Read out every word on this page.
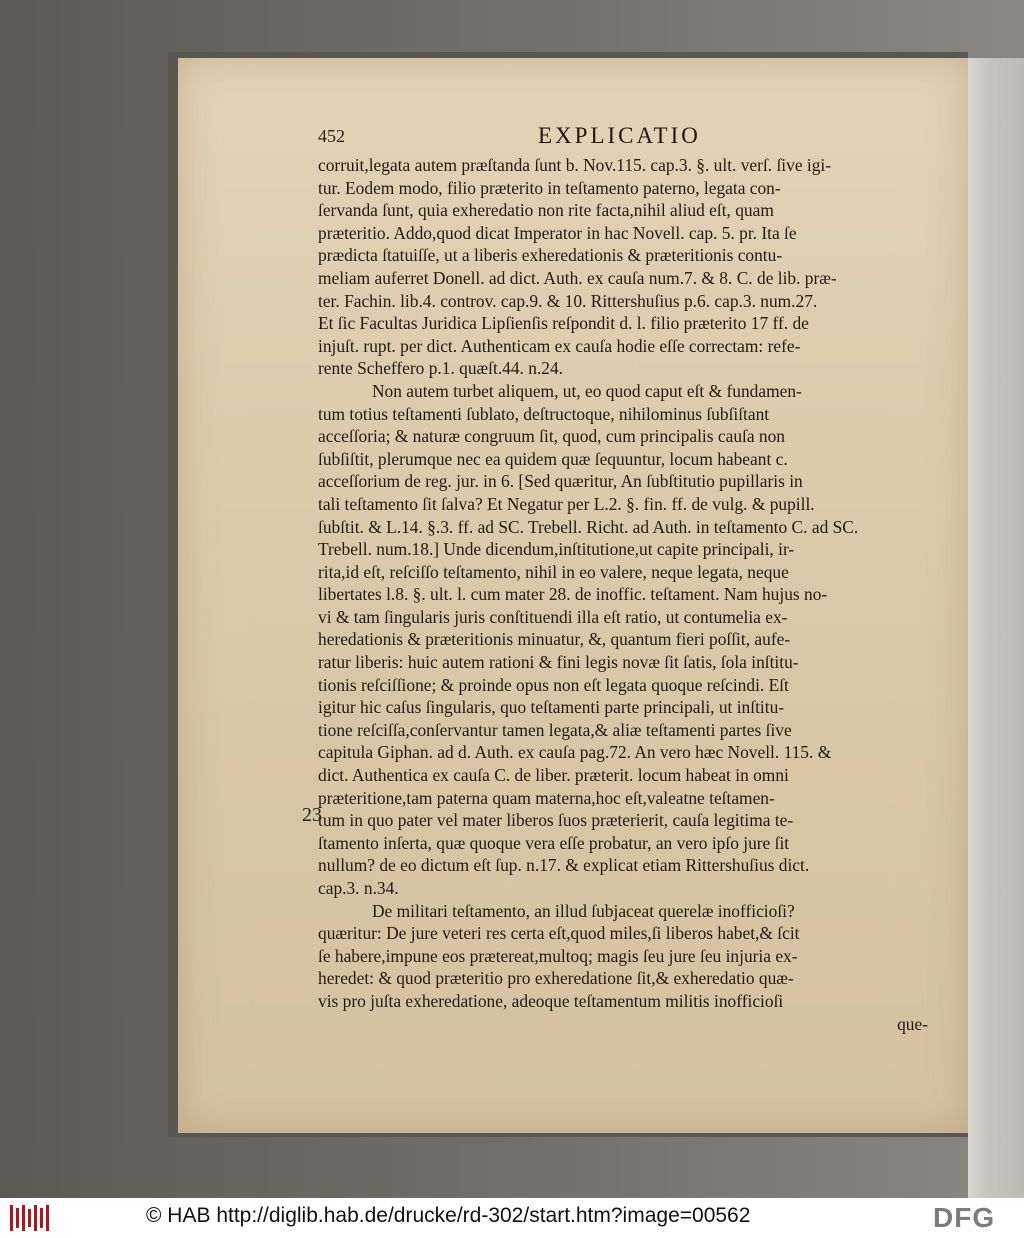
452	EXPLICATIO
23
corruit,legata autem præſtanda ſunt b. Nov.115. cap.3. §. ult. verſ. ſive igi-
tur. Eodem modo, filio præterito in teſtamento paterno, legata con-
ſervanda ſunt, quia exheredatio non rite facta,nihil aliud eſt, quam
præteritio. Addo,quod dicat Imperator in hac Novell. cap. 5. pr. Ita ſe
prædicta ſtatuiſſe, ut a liberis exheredationis & præteritionis contu-
meliam auferret Donell. ad dict. Auth. ex cauſa num.7. & 8. C. de lib. præ-
ter. Fachin. lib.4. controv. cap.9. & 10. Rittershuſius p.6. cap.3. num.27.
Et ſic Facultas Juridica Lipſienſis reſpondit d. l. filio præterito 17 ff. de
injuſt. rupt. per dict. Authenticam ex cauſa hodie eſſe correctam: refe-
rente Scheffero p.1. quæſt.44. n.24.
Non autem turbet aliquem, ut, eo quod caput eſt & fundamen-
tum totius teſtamenti ſublato, deſtructoque, nihilominus ſubſiſtant
acceſſoria; & naturæ congruum ſit, quod, cum principalis cauſa non
ſubſiſtit, plerumque nec ea quidem quæ ſequuntur, locum habeant c.
acceſſorium de reg. jur. in 6. [Sed quæritur, An ſubſtitutio pupillaris in
tali teſtamento ſit ſalva? Et Negatur per L.2. §. fin. ff. de vulg. & pupill.
ſubſtit. & L.14. §.3. ff. ad SC. Trebell. Richt. ad Auth. in teſtamento C. ad SC.
Trebell. num.18.] Unde dicendum,inſtitutione,ut capite principali, ir-
rita,id eſt, reſciſſo teſtamento, nihil in eo valere, neque legata, neque
libertates l.8. §. ult. l. cum mater 28. de inoffic. teſtament. Nam hujus no-
vi & tam ſingularis juris conſtituendi illa eſt ratio, ut contumelia ex-
heredationis & præteritionis minuatur, &, quantum fieri poſſit, aufe-
ratur liberis: huic autem rationi & fini legis novæ ſit ſatis, ſola inſtitu-
tionis reſciſſione; & proinde opus non eſt legata quoque reſcindi. Eſt
igitur hic caſus ſingularis, quo teſtamenti parte principali, ut inſtitu-
tione reſciſſa,conſervantur tamen legata,& aliæ teſtamenti partes ſive
capitula Giphan. ad d. Auth. ex cauſa pag.72. An vero hæc Novell. 115. &
dict. Authentica ex cauſa C. de liber. præterit. locum habeat in omni
præteritione,tam paterna quam materna,hoc eſt,valeatne teſtamen-
tum in quo pater vel mater liberos ſuos præterierit, cauſa legitima te-
ſtamento inſerta, quæ quoque vera eſſe probatur, an vero ipſo jure ſit
nullum? de eo dictum eſt ſup. n.17. & explicat etiam Rittershuſius dict.
cap.3. n.34.
De militari teſtamento, an illud ſubjaceat querelæ inofficioſi?
quæritur: De jure veteri res certa eſt,quod miles,ſi liberos habet,& ſcit
ſe habere,impune eos prætereat,multoq; magis ſeu jure ſeu injuria ex-
heredet: & quod præteritio pro exheredatione ſit,& exheredatio quæ-
vis pro juſta exheredatione, adeoque teſtamentum militis inofficioſi
que-
© HAB http://diglib.hab.de/drucke/rd-302/start.htm?image=00562	DFG
